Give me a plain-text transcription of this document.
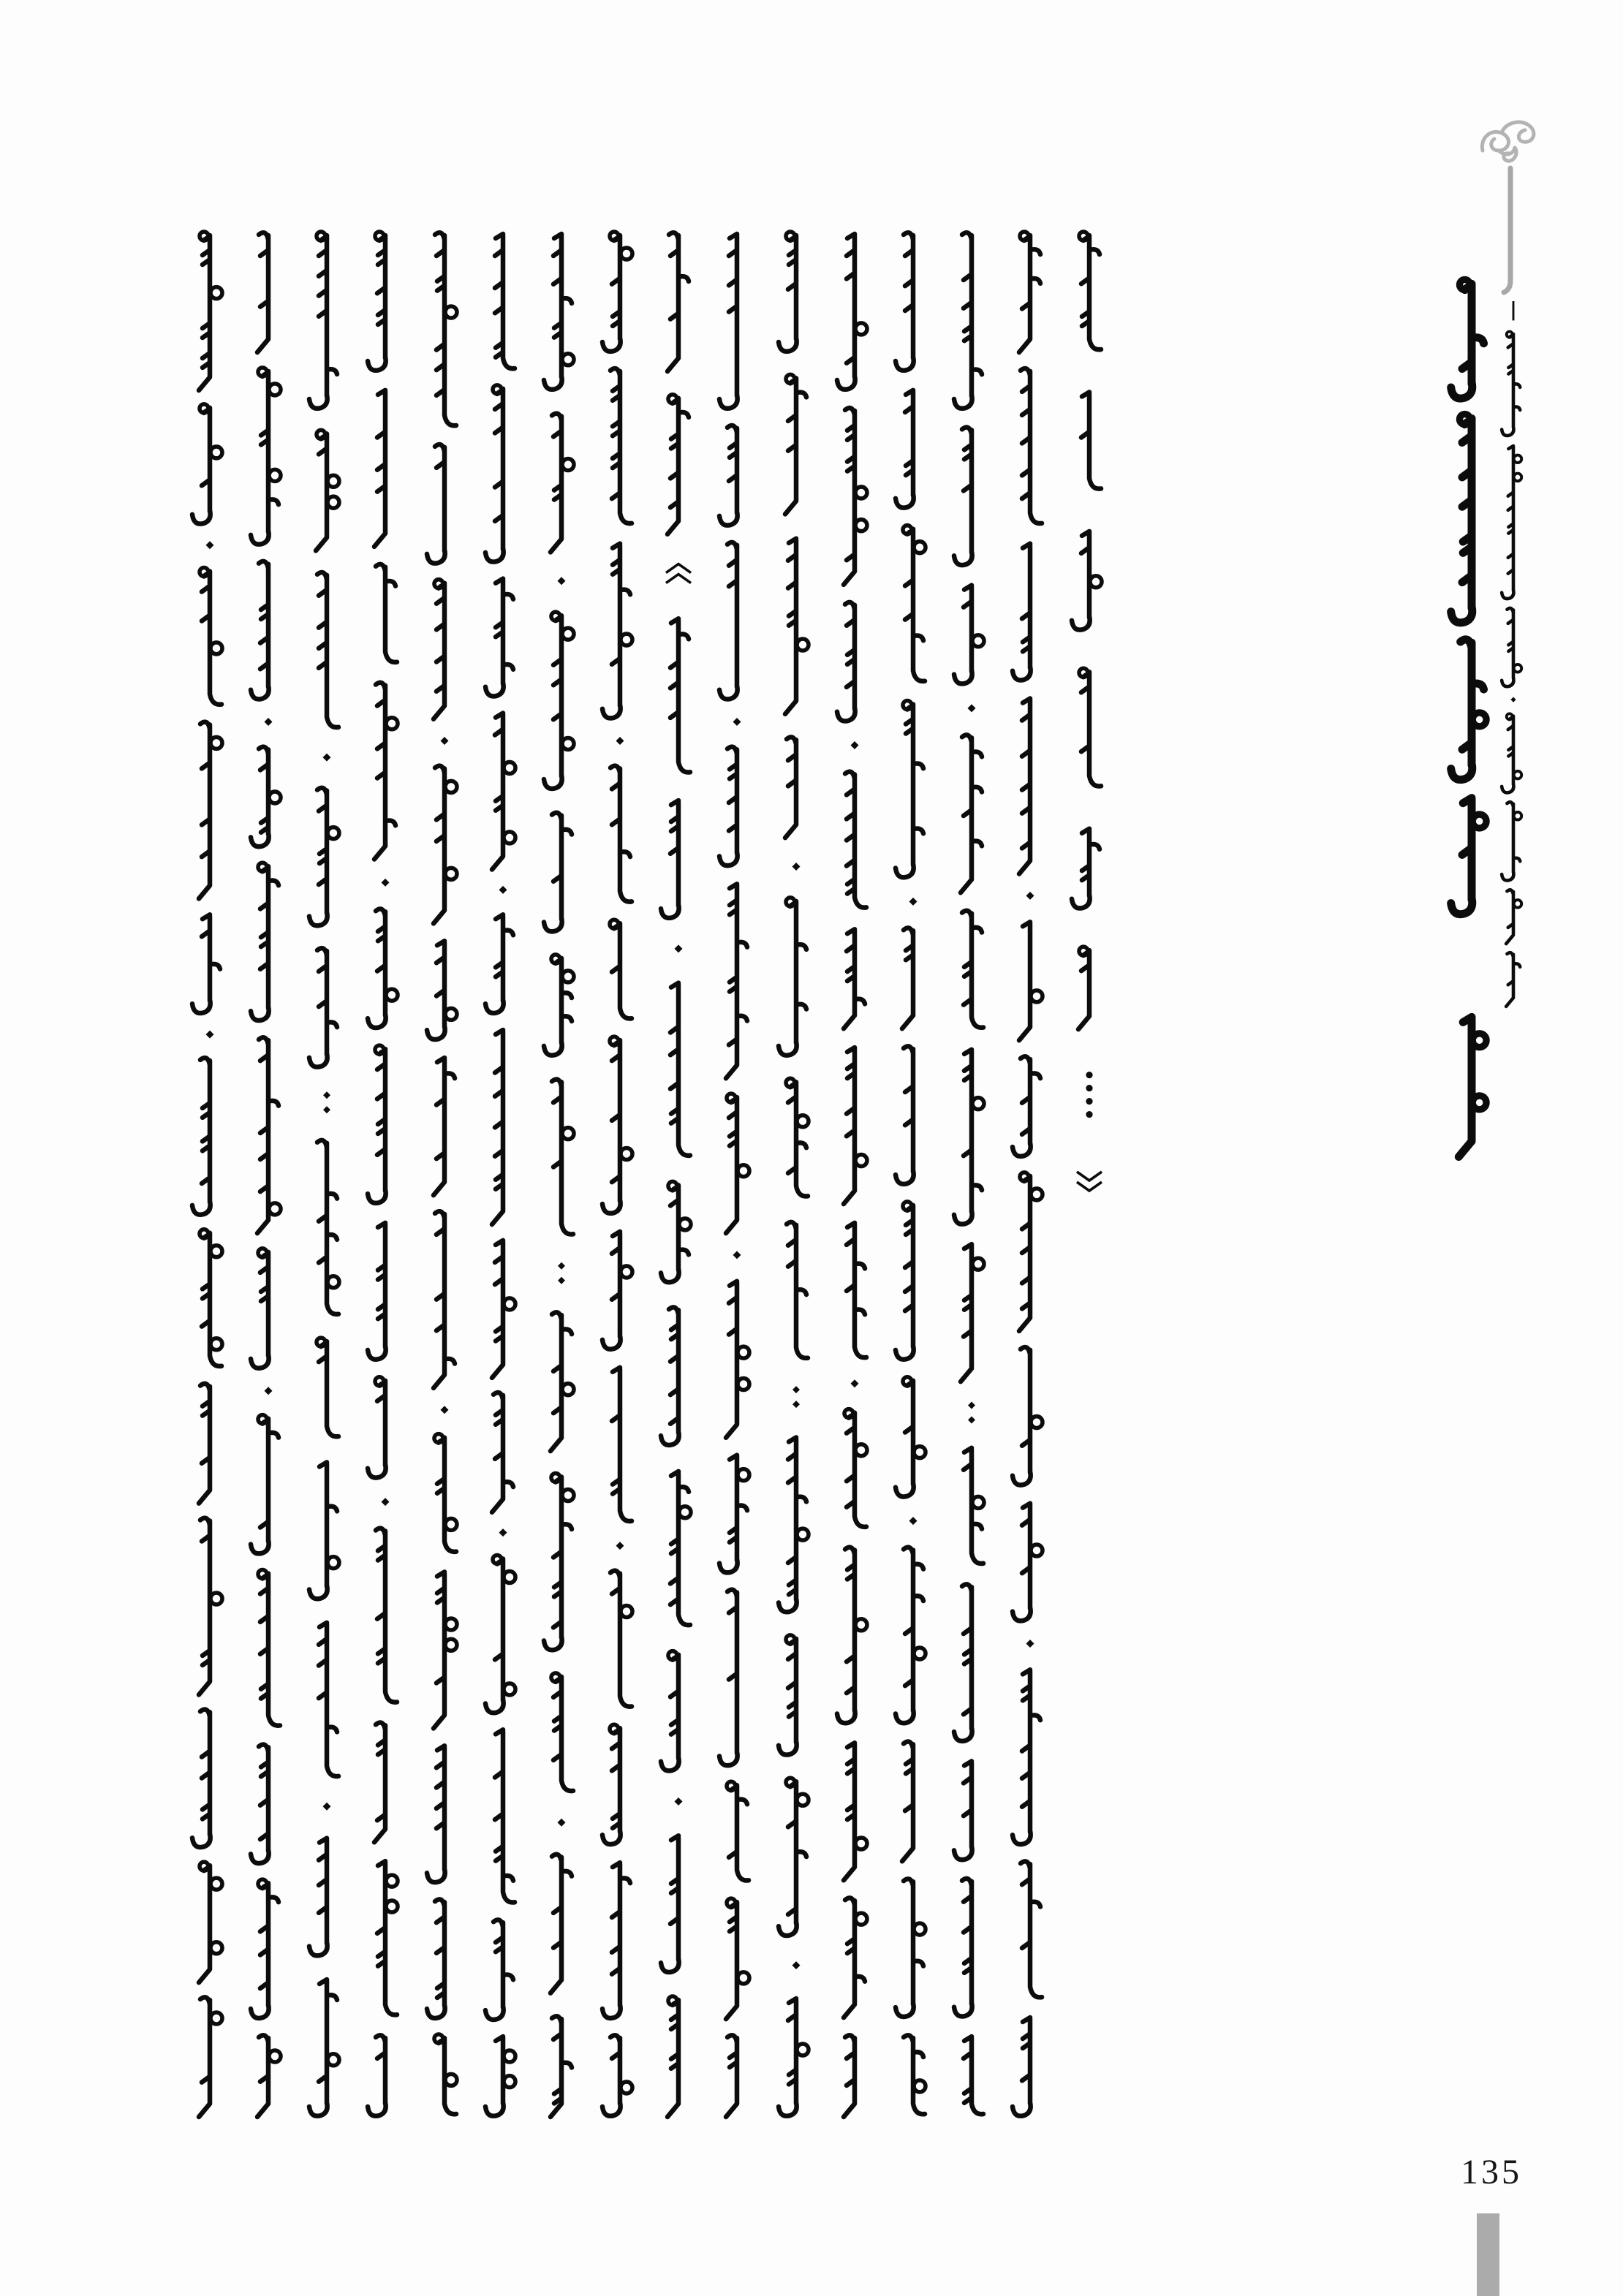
135
